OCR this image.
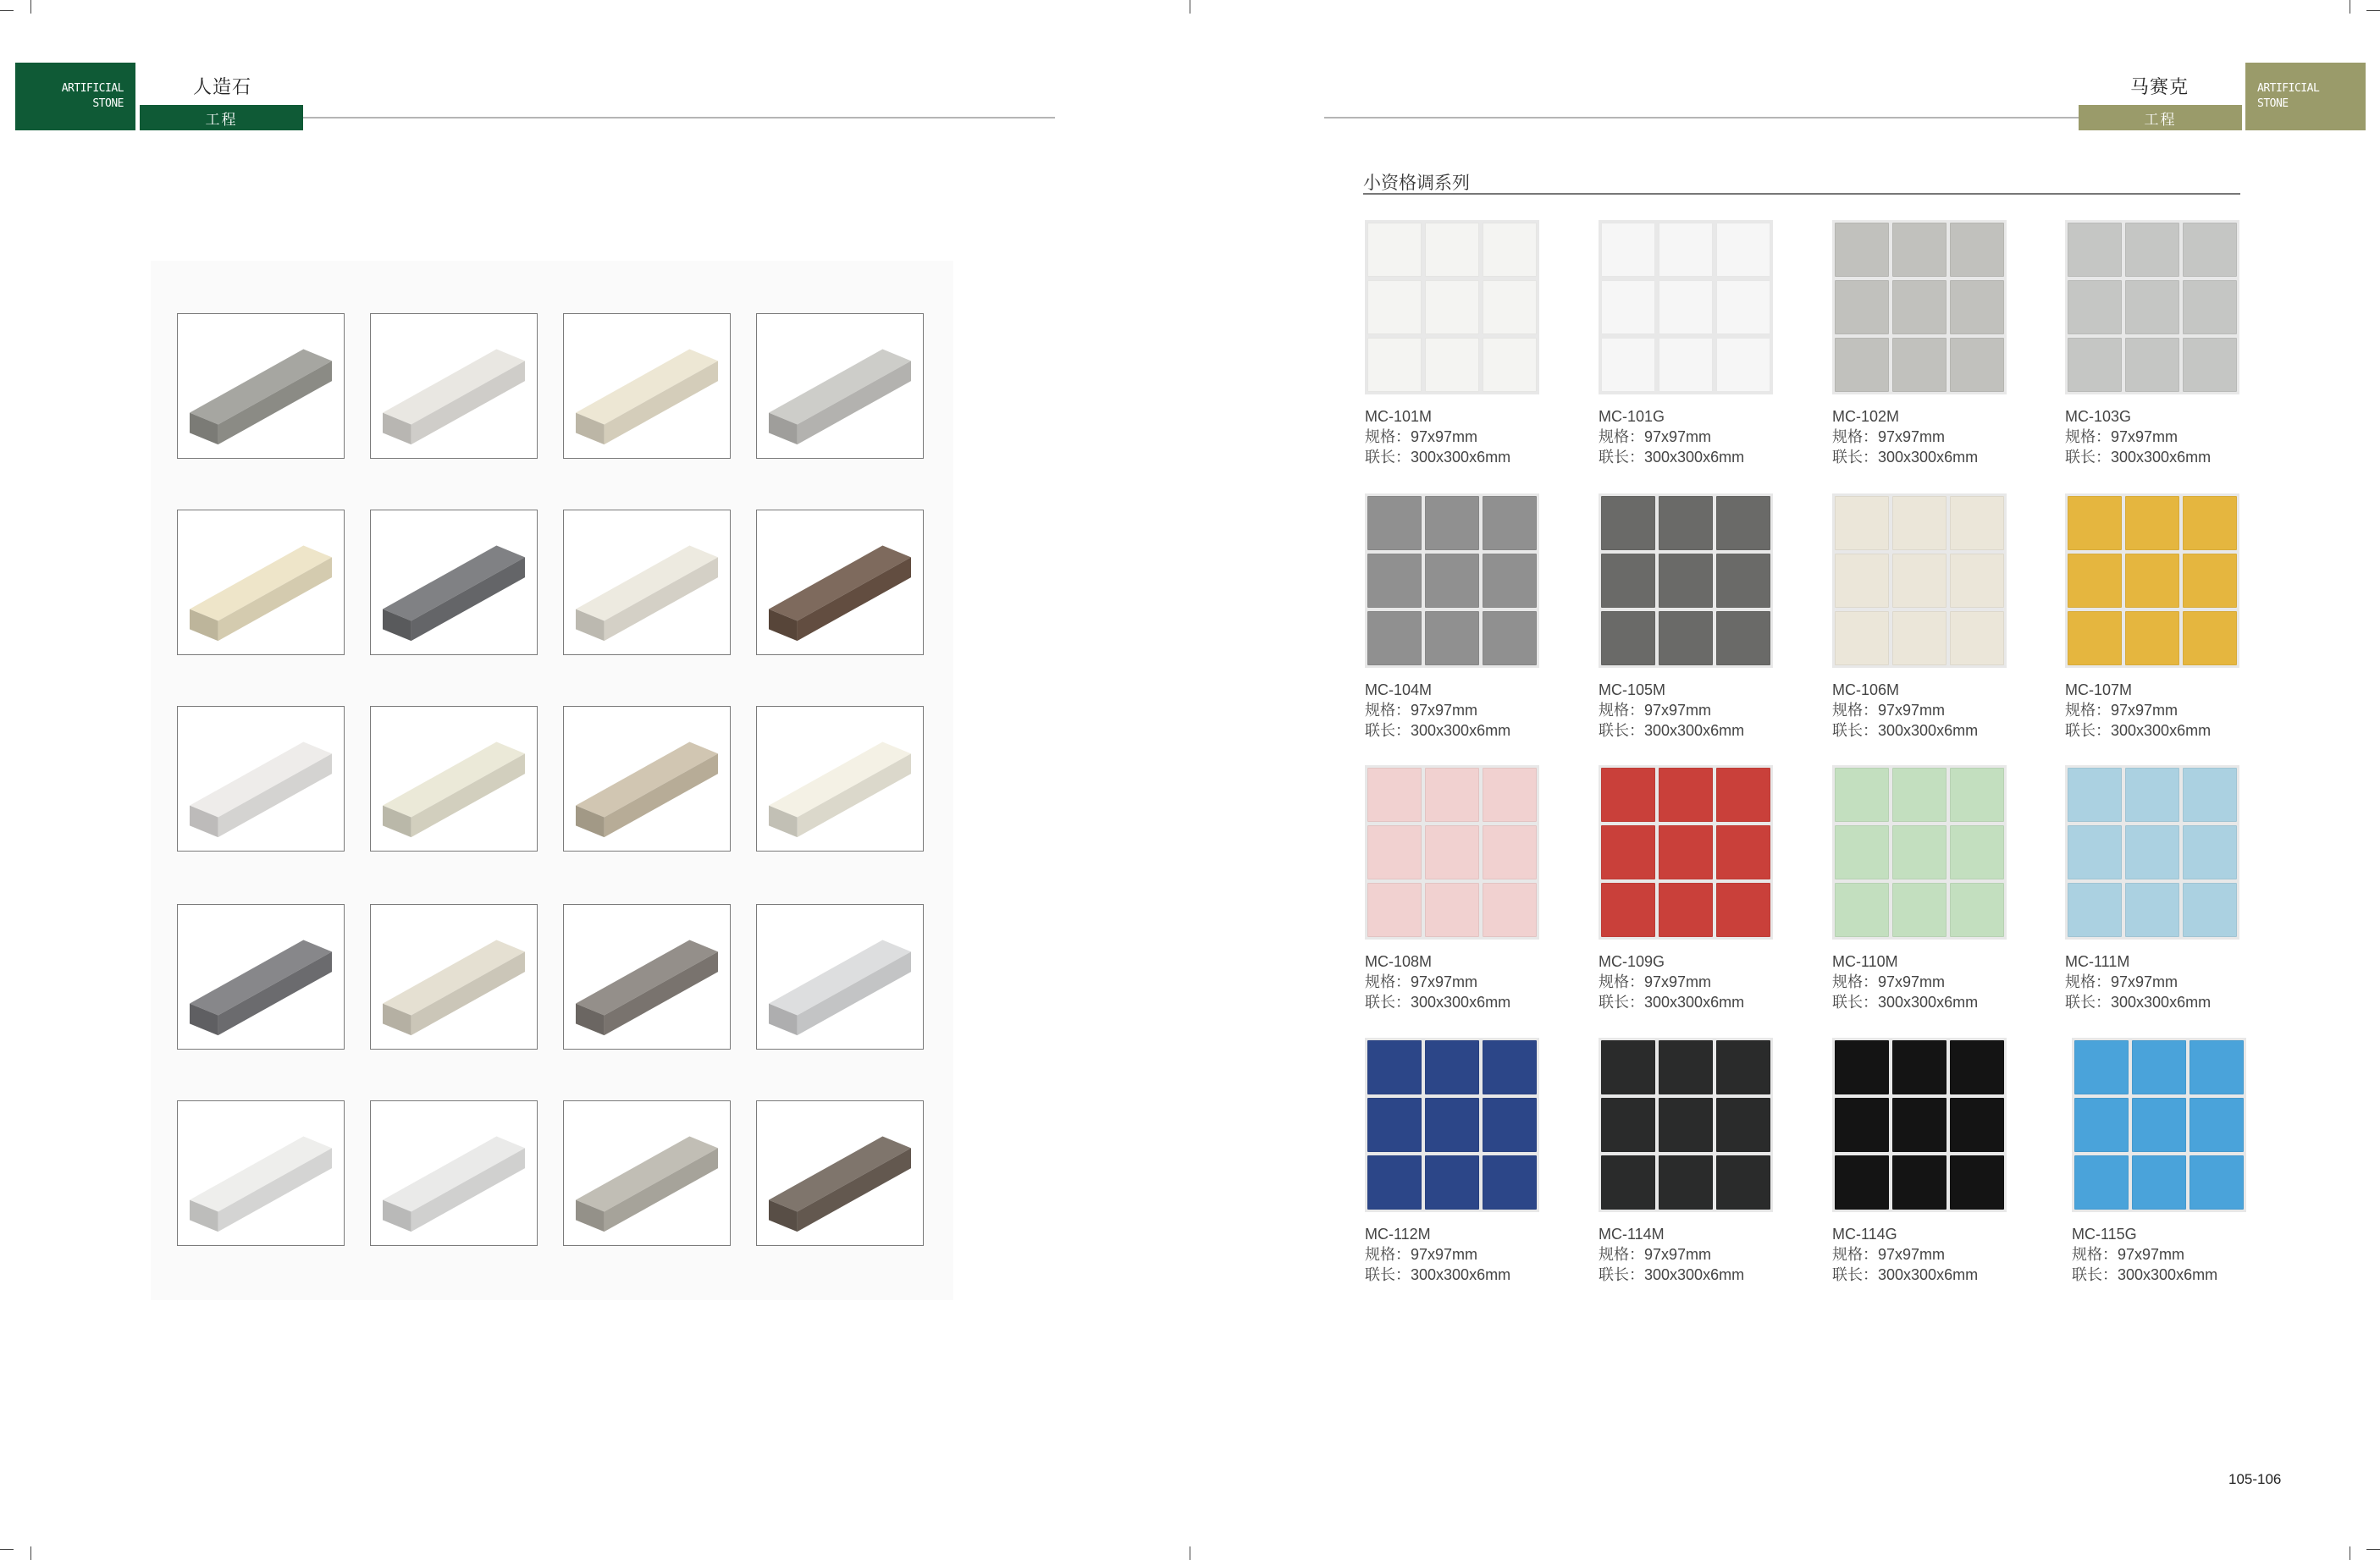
ARTIFICIAL
STONE
人造石
工程
马赛克
工程
ARTIFICIAL
STONE
小资格调系列
MC-101M
规格：97x97mm
联长：300x300x6mm
MC-101G
规格：97x97mm
联长：300x300x6mm
MC-102M
规格：97x97mm
联长：300x300x6mm
MC-103G
规格：97x97mm
联长：300x300x6mm
MC-104M
规格：97x97mm
联长：300x300x6mm
MC-105M
规格：97x97mm
联长：300x300x6mm
MC-106M
规格：97x97mm
联长：300x300x6mm
MC-107M
规格：97x97mm
联长：300x300x6mm
MC-108M
规格：97x97mm
联长：300x300x6mm
MC-109G
规格：97x97mm
联长：300x300x6mm
MC-110M
规格：97x97mm
联长：300x300x6mm
MC-111M
规格：97x97mm
联长：300x300x6mm
MC-112M
规格：97x97mm
联长：300x300x6mm
MC-114M
规格：97x97mm
联长：300x300x6mm
MC-114G
规格：97x97mm
联长：300x300x6mm
MC-115G
规格：97x97mm
联长：300x300x6mm
105-106
